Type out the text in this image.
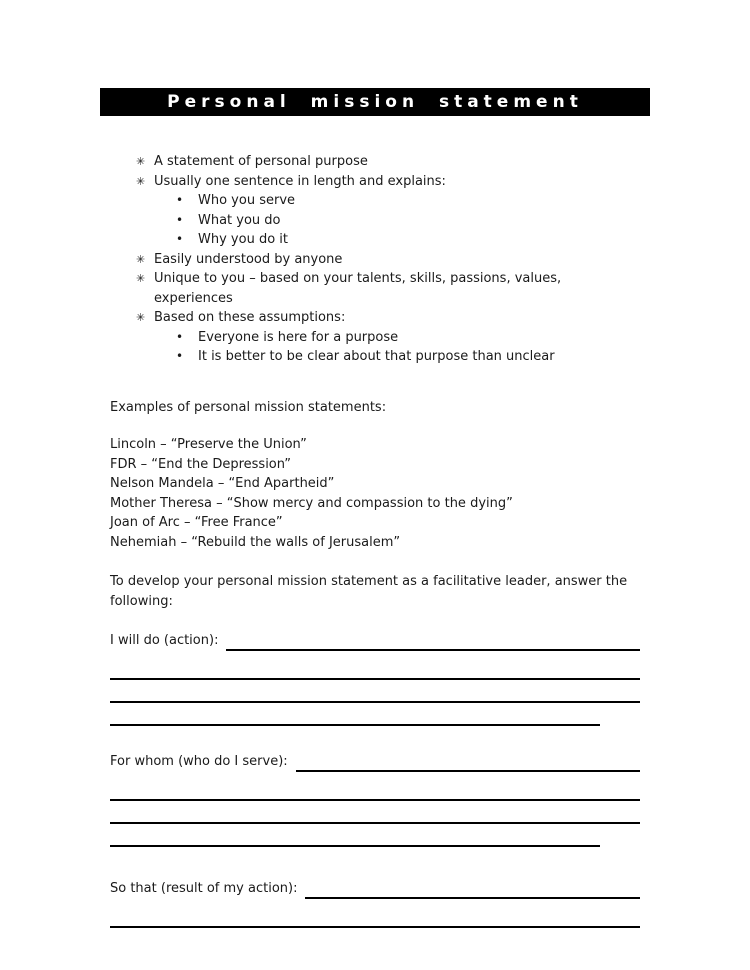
Personal mission statement
✳ A statement of personal purpose
✳ Usually one sentence in length and explains:
•	Who you serve
•	What you do
•	Why you do it
✳ Easily understood by anyone
✳ Unique to you – based on your talents, skills, passions, values, experiences
✳ Based on these assumptions:
•	Everyone is here for a purpose
•	It is better to be clear about that purpose than unclear
Examples of personal mission statements:
Lincoln – “Preserve the Union”
FDR – “End the Depression”
Nelson Mandela – “End Apartheid”
Mother Theresa – “Show mercy and compassion to the dying”
Joan of Arc – “Free France”
Nehemiah – “Rebuild the walls of Jerusalem”
To develop your personal mission statement as a facilitative leader, answer the following:
I will do (action):
For whom (who do I serve):
So that (result of my action):
